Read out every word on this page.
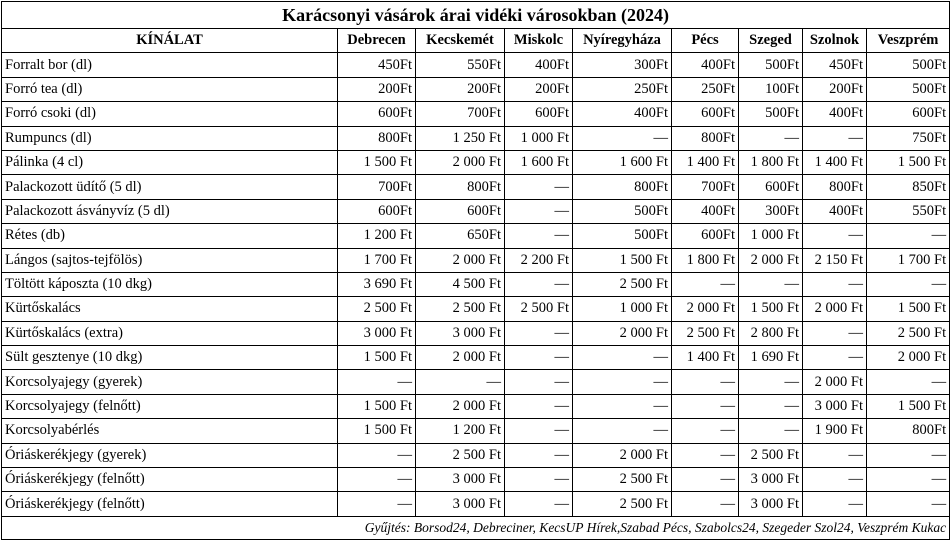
Karácsonyi vásárok árai vidéki városokban (2024)								
KÍNÁLAT	Debrecen	Kecskemét	Miskolc	Nyíregyháza	Pécs	Szeged	Szolnok	Veszprém
Forralt bor (dl)	450Ft	550Ft	400Ft	300Ft	400Ft	500Ft	450Ft	500Ft
Forró tea (dl)	200Ft	200Ft	200Ft	250Ft	250Ft	100Ft	200Ft	500Ft
Forró csoki (dl)	600Ft	700Ft	600Ft	400Ft	600Ft	500Ft	400Ft	600Ft
Rumpuncs (dl)	800Ft	1 250 Ft	1 000 Ft	—	800Ft	—	—	750Ft
Pálinka (4 cl)	1 500 Ft	2 000 Ft	1 600 Ft	1 600 Ft	1 400 Ft	1 800 Ft	1 400 Ft	1 500 Ft
Palackozott üdítő (5 dl)	700Ft	800Ft	—	800Ft	700Ft	600Ft	800Ft	850Ft
Palackozott ásványvíz (5 dl)	600Ft	600Ft	—	500Ft	400Ft	300Ft	400Ft	550Ft
Rétes (db)	1 200 Ft	650Ft	—	500Ft	600Ft	1 000 Ft	—	—
Lángos (sajtos-tejfölös)	1 700 Ft	2 000 Ft	2 200 Ft	1 500 Ft	1 800 Ft	2 000 Ft	2 150 Ft	1 700 Ft
Töltött káposzta (10 dkg)	3 690 Ft	4 500 Ft	—	2 500 Ft	—	—	—	—
Kürtőskalács	2 500 Ft	2 500 Ft	2 500 Ft	1 000 Ft	2 000 Ft	1 500 Ft	2 000 Ft	1 500 Ft
Kürtőskalács (extra)	3 000 Ft	3 000 Ft	—	2 000 Ft	2 500 Ft	2 800 Ft	—	2 500 Ft
Sült gesztenye (10 dkg)	1 500 Ft	2 000 Ft	—	—	1 400 Ft	1 690 Ft	—	2 000 Ft
Korcsolyajegy (gyerek)	—	—	—	—	—	—	2 000 Ft	—
Korcsolyajegy (felnőtt)	1 500 Ft	2 000 Ft	—	—	—	—	3 000 Ft	1 500 Ft
Korcsolyabérlés	1 500 Ft	1 200 Ft	—	—	—	—	1 900 Ft	800Ft
Óriáskerékjegy (gyerek)	—	2 500 Ft	—	2 000 Ft	—	2 500 Ft	—	—
Óriáskerékjegy (felnőtt)	—	3 000 Ft	—	2 500 Ft	—	3 000 Ft	—	—
Óriáskerékjegy (felnőtt)	—	3 000 Ft	—	2 500 Ft	—	3 000 Ft	—	—
Gyűjtés: Borsod24, Debreciner, KecsUP Hírek,Szabad Pécs, Szabolcs24, Szegeder Szol24, Veszprém Kukac								
